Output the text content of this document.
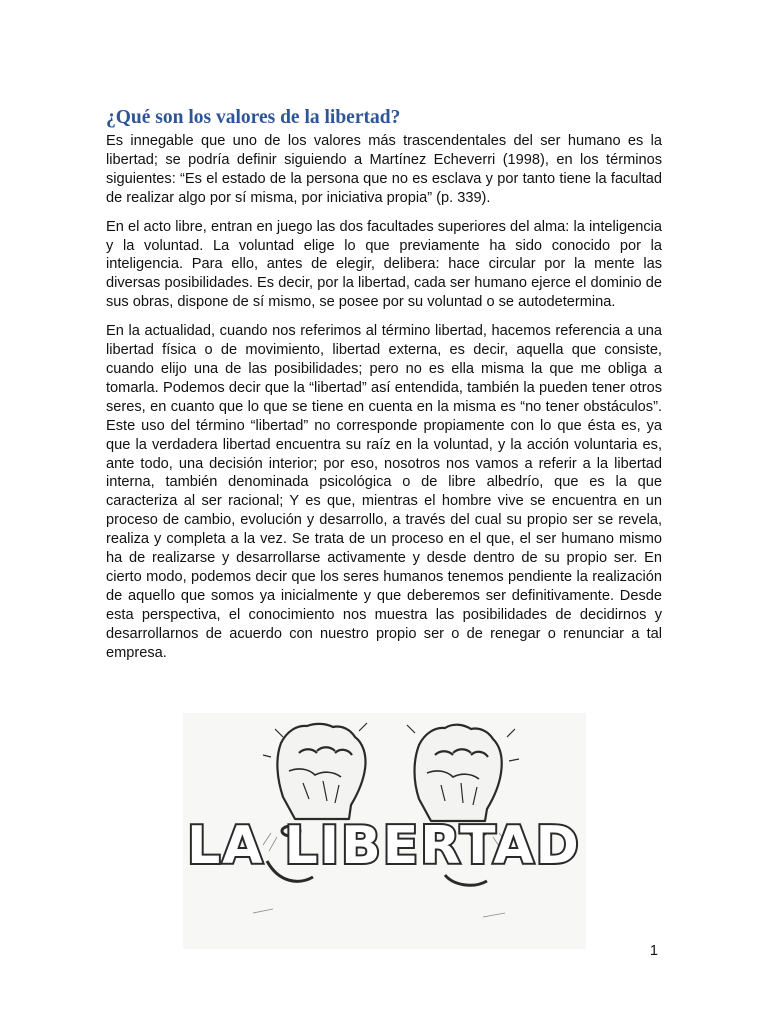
¿Qué son los valores de la libertad?

Es innegable que uno de los valores más trascendentales del ser humano es la libertad; se podría definir siguiendo a Martínez Echeverri (1998), en los términos siguientes: “Es el estado de la persona que no es esclava y por tanto tiene la facultad de realizar algo por sí misma, por iniciativa propia” (p. 339).

En el acto libre, entran en juego las dos facultades superiores del alma: la inteligencia y la voluntad. La voluntad elige lo que previamente ha sido conocido por la inteligencia. Para ello, antes de elegir, delibera: hace circular por la mente las diversas posibilidades. Es decir, por la libertad, cada ser humano ejerce el dominio de sus obras, dispone de sí mismo, se posee por su voluntad o se autodetermina.

En la actualidad, cuando nos referimos al término libertad, hacemos referencia a una libertad física o de movimiento, libertad externa, es decir, aquella que consiste, cuando elijo una de las posibilidades; pero no es ella misma la que me obliga a tomarla. Podemos decir que la “libertad” así entendida, también la pueden tener otros seres, en cuanto que lo que se tiene en cuenta en la misma es “no tener obstáculos”. Este uso del término “libertad” no corresponde propiamente con lo que ésta es, ya que la verdadera libertad encuentra su raíz en la voluntad, y la acción voluntaria es, ante todo, una decisión interior; por eso, nosotros nos vamos a referir a la libertad interna, también denominada psicológica o de libre albedrío, que es la que caracteriza al ser racional; Y es que, mientras el hombre vive se encuentra en un proceso de cambio, evolución y desarrollo, a través del cual su propio ser se revela, realiza y completa a la vez. Se trata de un proceso en el que, el ser humano mismo ha de realizarse y desarrollarse activamente y desde dentro de su propio ser. En cierto modo, podemos decir que los seres humanos tenemos pendiente la realización de aquello que somos ya inicialmente y que deberemos ser definitivamente. Desde esta perspectiva, el conocimiento nos muestra las posibilidades de decidirnos y desarrollarnos de acuerdo con nuestro propio ser o de renegar o renunciar a tal empresa.

LA LIBERTAD
1
